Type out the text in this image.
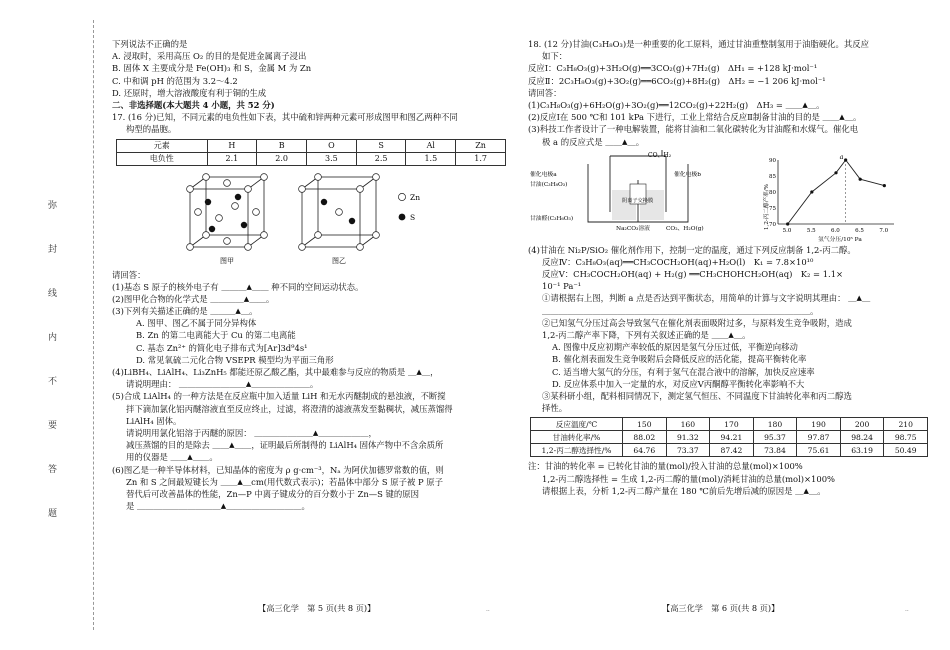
弥
封
线
内
不
要
答
题
下列说法不正确的是
A. 浸取时，采用高压 O₂ 的目的是促进金属离子浸出
B. 固体 X 主要成分是 Fe(OH)₃ 和 S，金属 M 为 Zn
C. 中和调 pH 的范围为 3.2～4.2
D. 还原时，增大溶液酸度有利于铜的生成
二、非选择题(本大题共 4 小题，共 52 分)
17. (16 分)已知，不同元素的电负性如下表，其中硫和锌两种元素可形成图甲和图乙两种不同
构型的晶胞。
元素	H	B	O	S	Al	Zn
电负性	2.1	2.0	3.5	2.5	1.5	1.7
图甲	图乙
Zn
S
请回答：
(1)基态 S 原子的核外电子有 ＿＿＿▲＿＿ 种不同的空间运动状态。
(2)图甲化合物的化学式是 ＿＿＿＿▲＿＿。
(3)下列有关描述正确的是 ＿＿＿▲＿。
A. 图甲、图乙不属于同分异构体
B. Zn 的第二电离能大于 Cu 的第二电离能
C. 基态 Zn²⁺ 的简化电子排布式为[Ar]3d⁹4s¹
D. 常见氧硫二元化合物 VSEPR 模型均为平面三角形
(4)LiBH₄、LiAlH₄、Li₃ZnH₅ 都能还原乙酸乙酯，其中最难参与反应的物质是 ＿▲＿，
请说明理由： ＿＿＿＿＿＿＿＿▲＿＿＿＿＿＿＿。
(5)合成 LiAlH₄ 的一种方法是在反应瓶中加入适量 LiH 和无水丙醚制成的悬浊液，不断搅
拌下滴加氯化铝丙醚溶液直至反应终止，过滤，将澄清的滤液蒸发至黏稠状，减压蒸馏得
LiAlH₄ 固体。
请说明用氯化铝溶于丙醚的原因： ＿＿＿＿＿＿＿▲＿＿＿＿＿＿，
减压蒸馏的目的是除去 ＿＿▲＿＿，证明最后所制得的 LiAlH₄ 固体产物中不含余质所
用的仪器是 ＿＿▲＿＿。
(6)图乙是一种半导体材料，已知晶体的密度为 ρ g·cm⁻³，Nₐ 为阿伏加德罗常数的值，则
Zn 和 S 之间最短键长为 ＿＿▲＿cm(用代数式表示)；若晶体中部分 S 原子被 P 原子
替代后可改善晶体的性能，Zn—P 中离子键成分的百分数小于 Zn—S 键的原因
是 ＿＿＿＿＿＿＿＿＿＿▲＿＿＿＿＿＿＿＿＿。
【高三化学　第 5 页(共 8 页)】	..
18. (12 分)甘油(C₃H₈O₃)是一种重要的化工原料，通过甘油重整制氢用于油脂硬化。其反应
如下：
反应Ⅰ：C₃H₈O₃(g)+3H₂O(g)══3CO₂(g)+7H₂(g)　ΔH₁ = +128 kJ·mol⁻¹
反应Ⅱ：2C₃H₈O₃(g)+3O₂(g)══6CO₂(g)+8H₂(g)　ΔH₂ = −1 206 kJ·mol⁻¹
请回答：
(1)C₃H₈O₃(g)+6H₂O(g)+3O₂(g)══12CO₂(g)+22H₂(g)　ΔH₃ = ＿＿▲＿。
(2)反应Ⅰ在 500 ℃和 101 kPa 下进行，工业上常结合反应Ⅱ制备甘油的目的是 ＿＿▲＿。
(3)科技工作者设计了一种电解装置，能将甘油和二氧化碳转化为甘油醛和水煤气。催化电
极 a 的反应式是 ＿＿▲＿。
CO、H₂
催化电极a
甘油(C₃H₈O₃)
甘油醛(C₃H₆O₃)
阴离子交换膜
Na₂CO₃溶液
催化电极b
CO₂、H₂O(g)	1,2-丙二醇产率/%
氢气分压/10⁵ Pa
70
75
80
85
90
5.0	5.5	6.0	6.5	7.0
a
(4)甘油在 Ni₂P/SiO₂ 催化剂作用下，控制一定的温度，通过下列反应制备 1,2-丙二醇。
反应Ⅳ：C₃H₈O₃(aq)══CH₃COCH₂OH(aq)+H₂O(l)　K₁ = 7.8×10¹⁰
反应Ⅴ：CH₃COCH₂OH(aq) + H₂(g) ══CH₃CHOHCH₂OH(aq)　K₂ = 1.1×
10⁻¹ Pa⁻¹
①请根据右上图，判断 a 点是否达到平衡状态，用简单的计算与文字说明其理由： ＿▲＿
＿＿＿＿＿＿＿＿＿＿＿＿＿＿＿＿＿＿＿＿＿＿＿＿＿＿＿＿＿＿＿＿。
②已知氢气分压过高会导致氢气在催化剂表面吸附过多，与原料发生竞争吸附，造成
1,2-丙二醇产率下降，下列有关叙述正确的是 ＿＿▲＿。
A. 图像中反应初期产率较低的原因是氢气分压过低，平衡逆向移动
B. 催化剂表面发生竞争吸附后会降低反应的活化能，提高平衡转化率
C. 适当增大氢气的分压，有利于氢气在混合液中的溶解，加快反应速率
D. 反应体系中加入一定量的水，对反应Ⅴ丙酮醇平衡转化率影响不大
③某科研小组，配料相同情况下，测定氢气恒压、不同温度下甘油转化率和丙二醇选
择性。
反应温度/℃	150	160	170	180	190	200	210
甘油转化率/%	88.02	91.32	94.21	95.37	97.87	98.24	98.75
1,2-丙二醇选择性/%	64.76	73.37	87.42	73.84	75.61	63.19	50.49
注：甘油的转化率 = 已转化甘油的量(mol)/投入甘油的总量(mol)×100%
1,2-丙二醇选择性 = 生成 1,2-丙二醇的量(mol)/消耗甘油的总量(mol)×100%
请根据上表，分析 1,2-丙二醇产量在 180 ℃前后先增后减的原因是 ＿▲＿。
【高三化学　第 6 页(共 8 页)】	..
